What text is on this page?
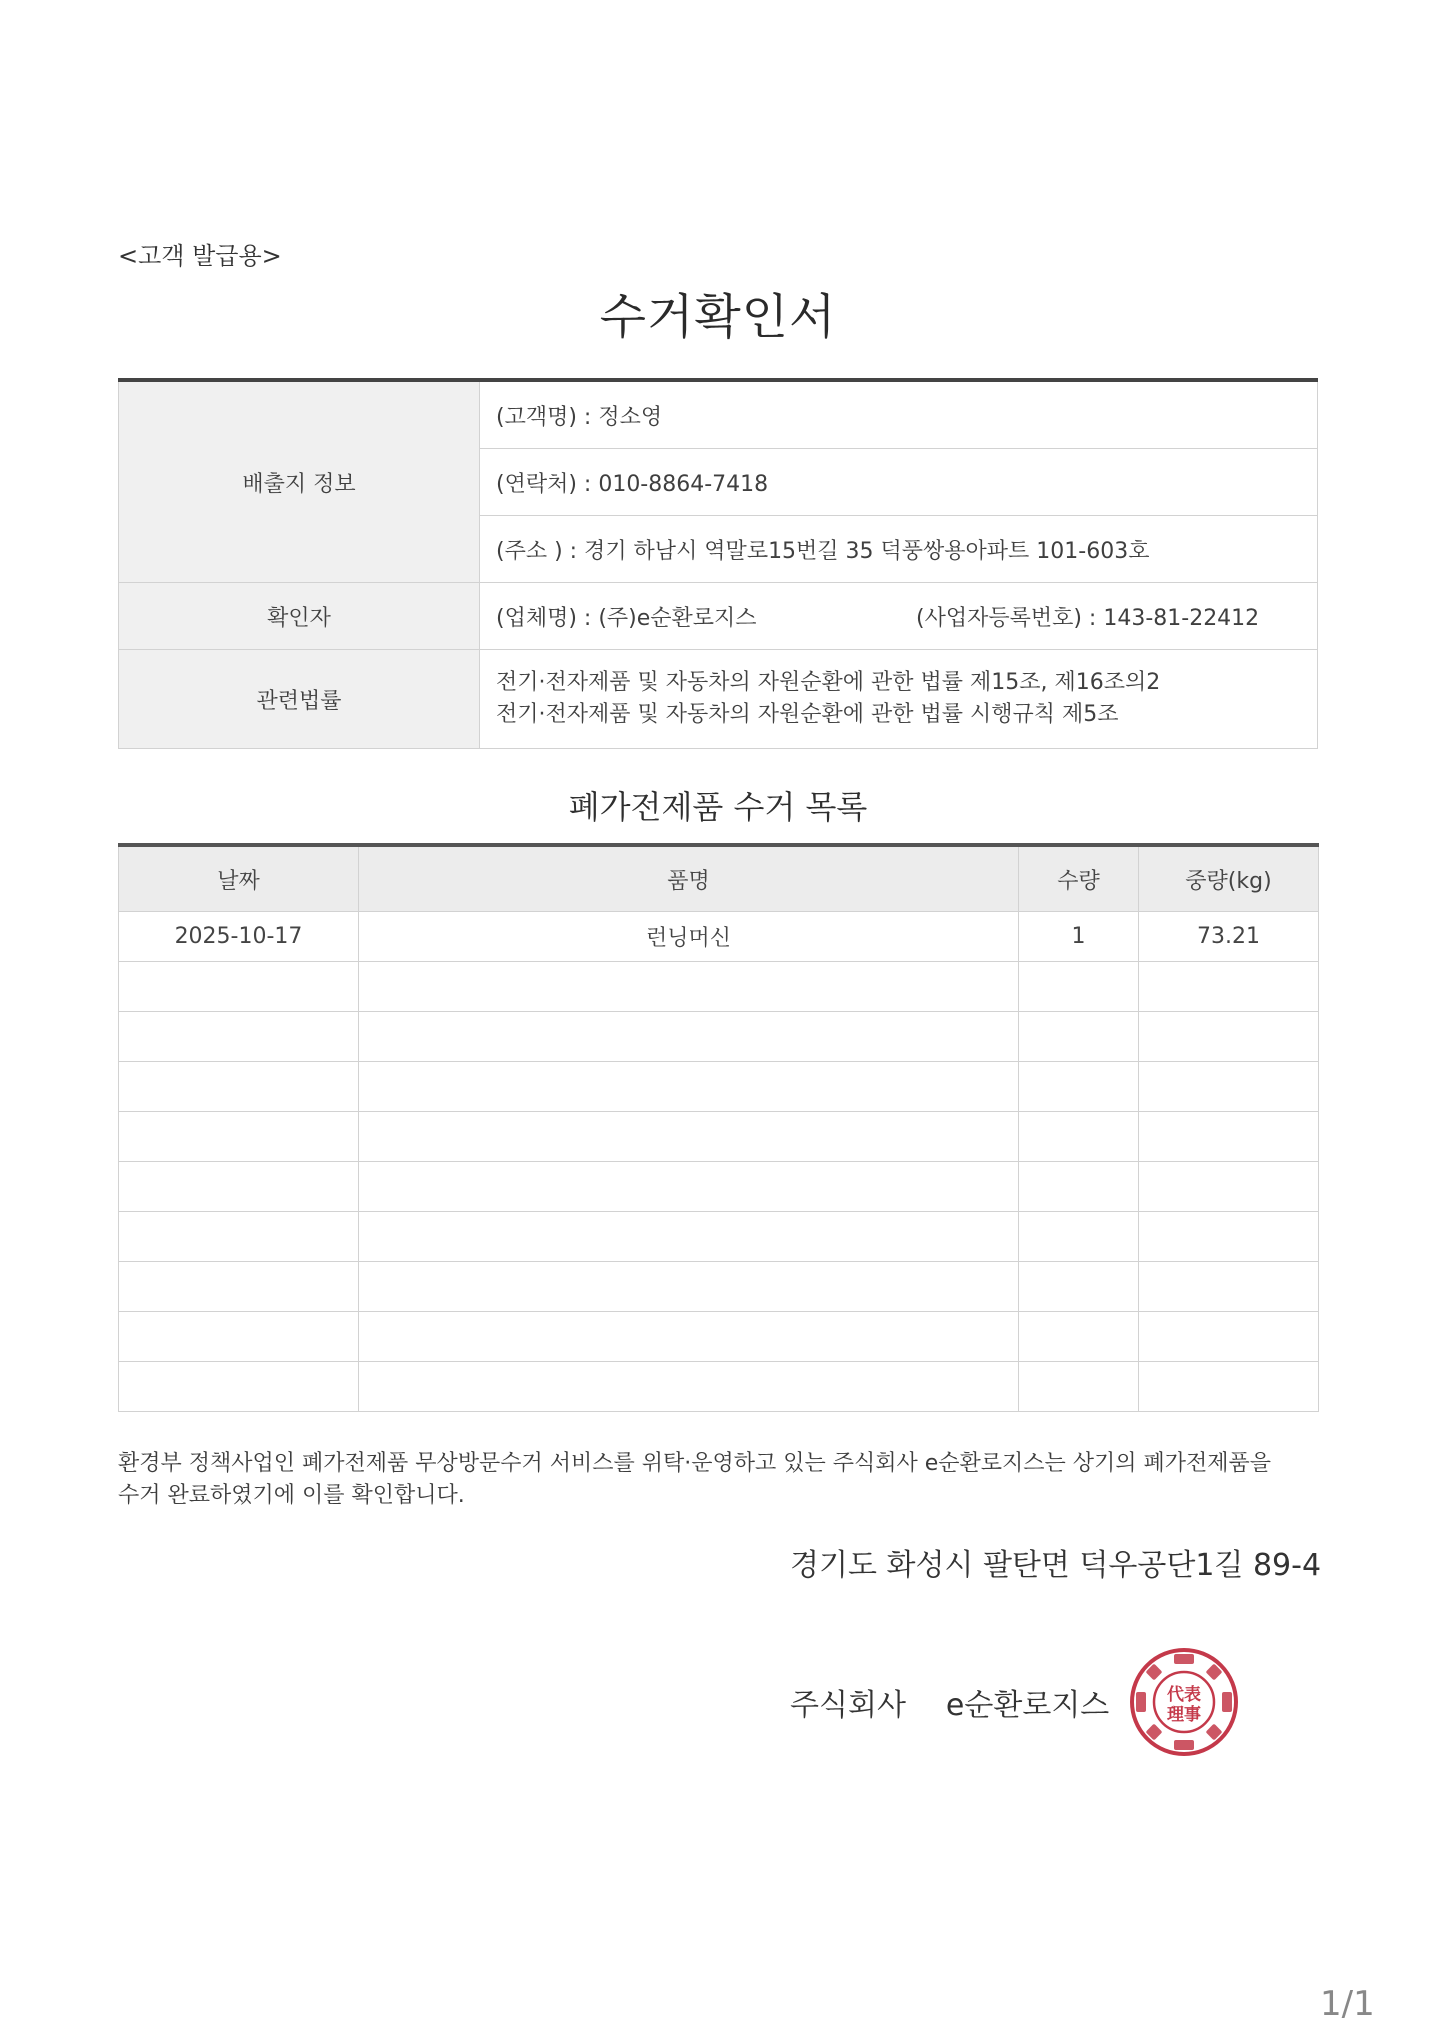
<고객 발급용>
수거확인서
배출지 정보	(고객명) : 정소영
	(연락처) : 010-8864-7418
	(주소 ) : 경기 하남시 역말로15번길 35 덕풍쌍용아파트 101-603호
확인자	(업체명) : (주)e순환로지스 (사업자등록번호) : 143-81-22412

관련법률	전기·전자제품 및 자동차의 자원순환에 관한 법률 제15조, 제16조의2
전기·전자제품 및 자동차의 자원순환에 관한 법률 시행규칙 제5조
폐가전제품 수거 목록
날짜	품명	수량	중량(kg)
2025-10-17	런닝머신	1	73.21

환경부 정책사업인 폐가전제품 무상방문수거 서비스를 위탁·운영하고 있는 주식회사 e순환로지스는 상기의 폐가전제품을
수거 완료하였기에 이를 확인합니다.
경기도 화성시 팔탄면 덕우공단1길 89-4
주식회사 e순환로지스	代表
理事
1/1
